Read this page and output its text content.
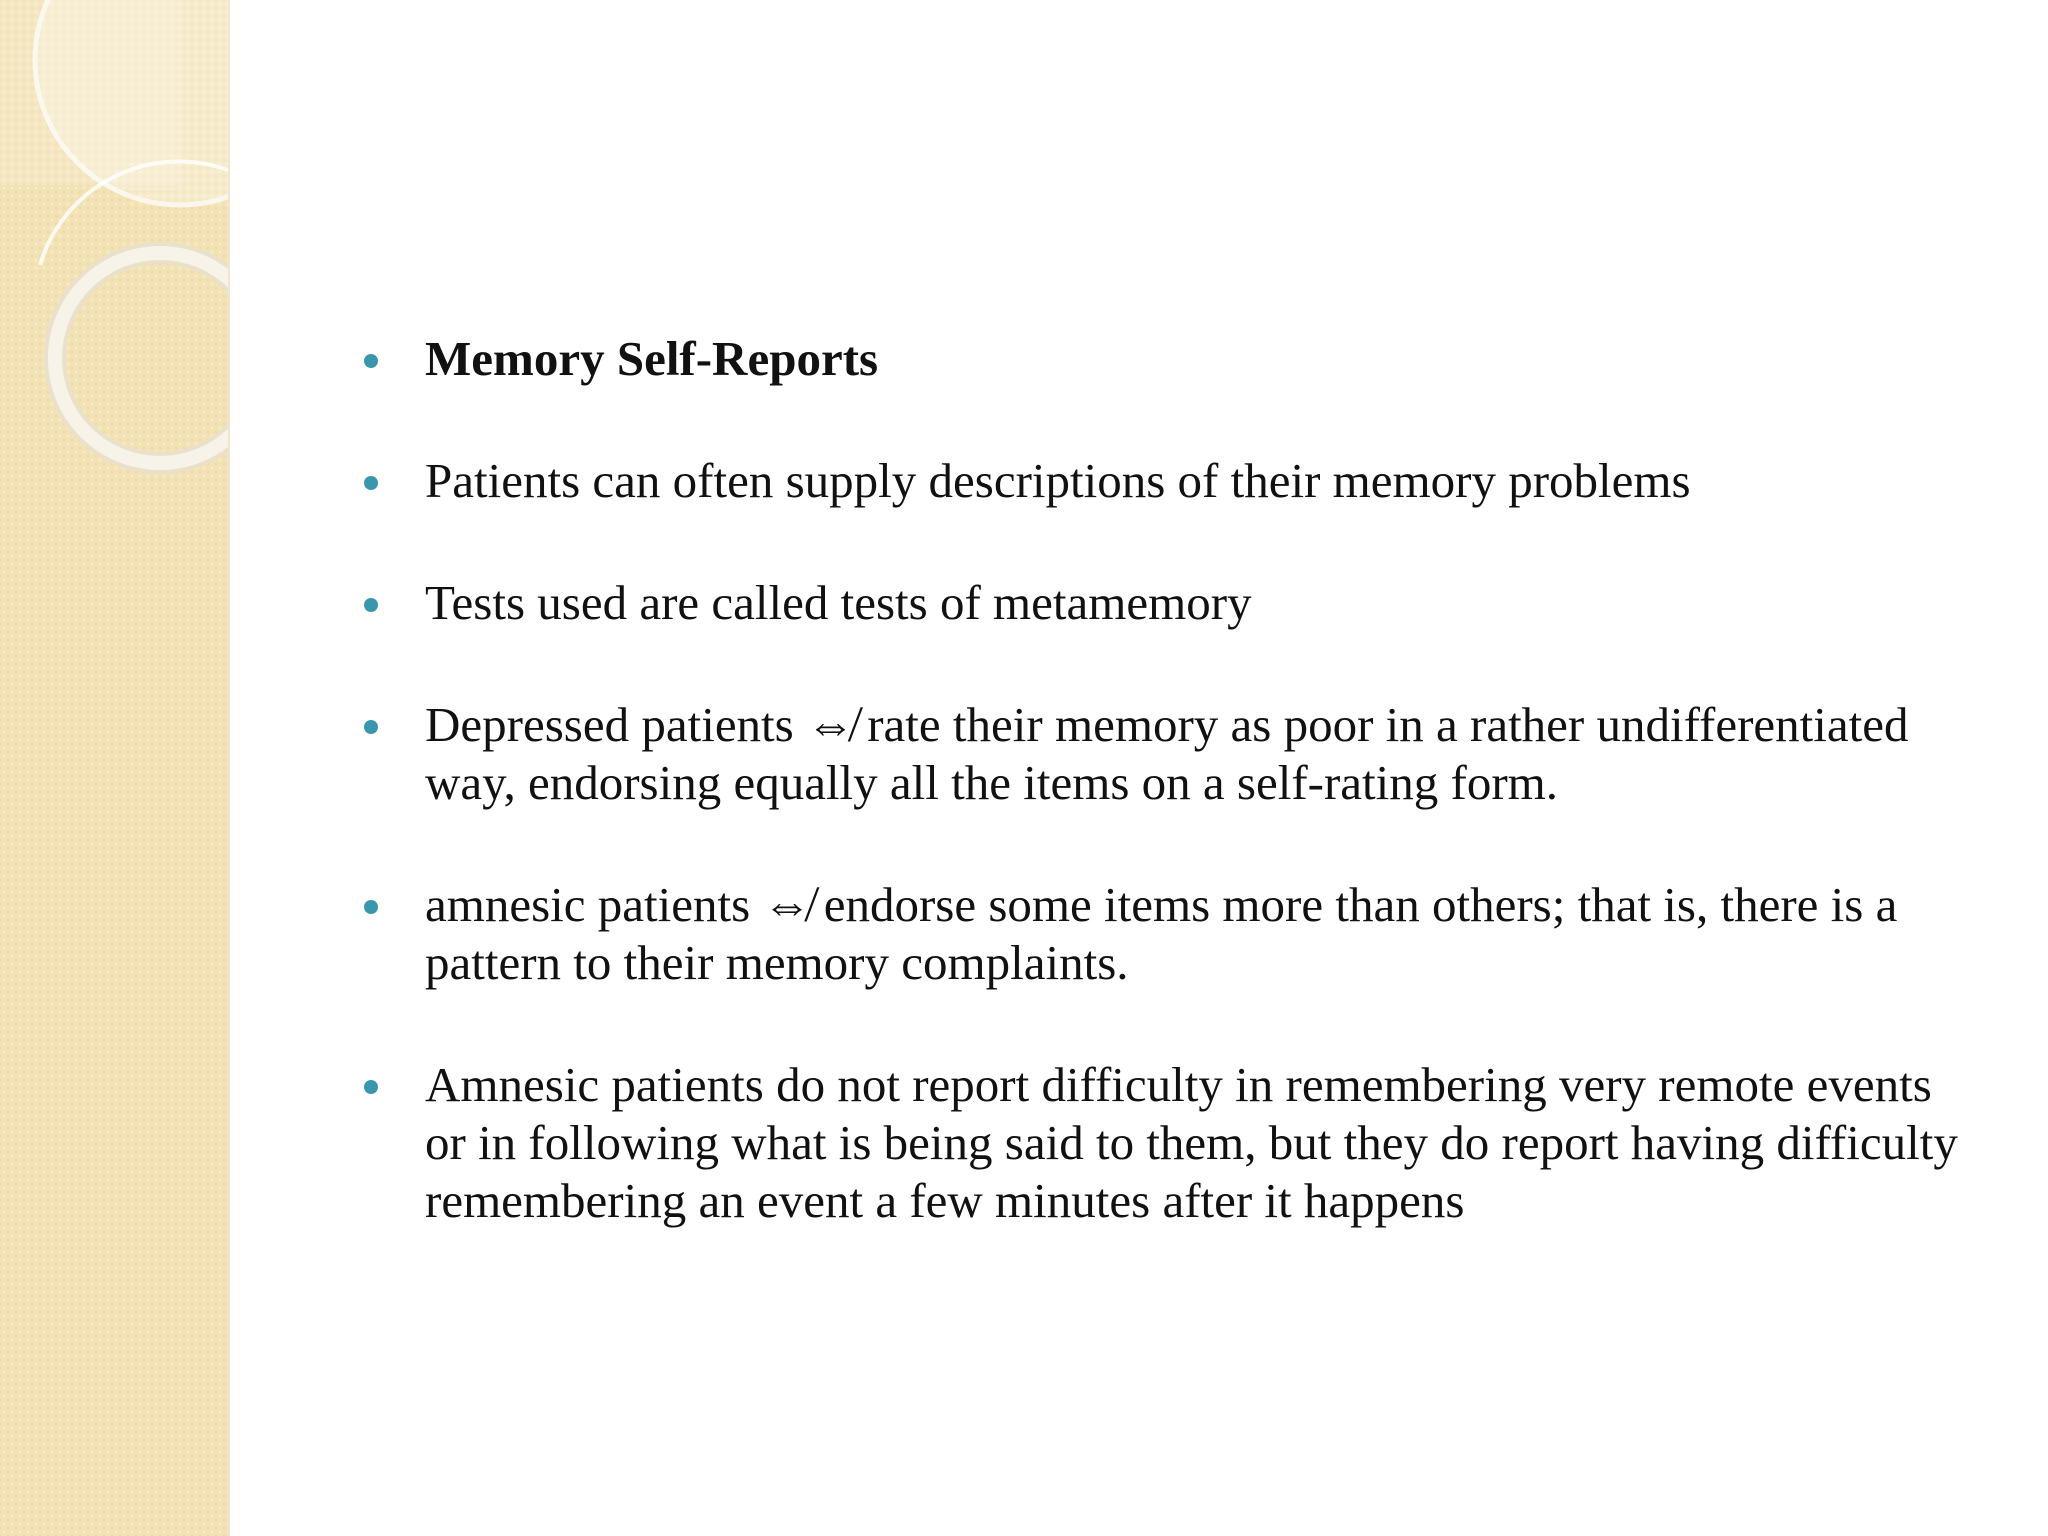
Memory Self-Reports
Patients can often supply descriptions of their memory problems
Tests used are called tests of metamemory
Depressed patients ⇎ rate their memory as poor in a rather undifferentiated way, endorsing equally all the items on a self-rating form.
amnesic patients ⇎ endorse some items more than others; that is, there is a pattern to their memory complaints.
Amnesic patients do not report difficulty in remembering very remote events or in following what is being said to them, but they do report having difficulty remembering an event a few minutes after it happens
